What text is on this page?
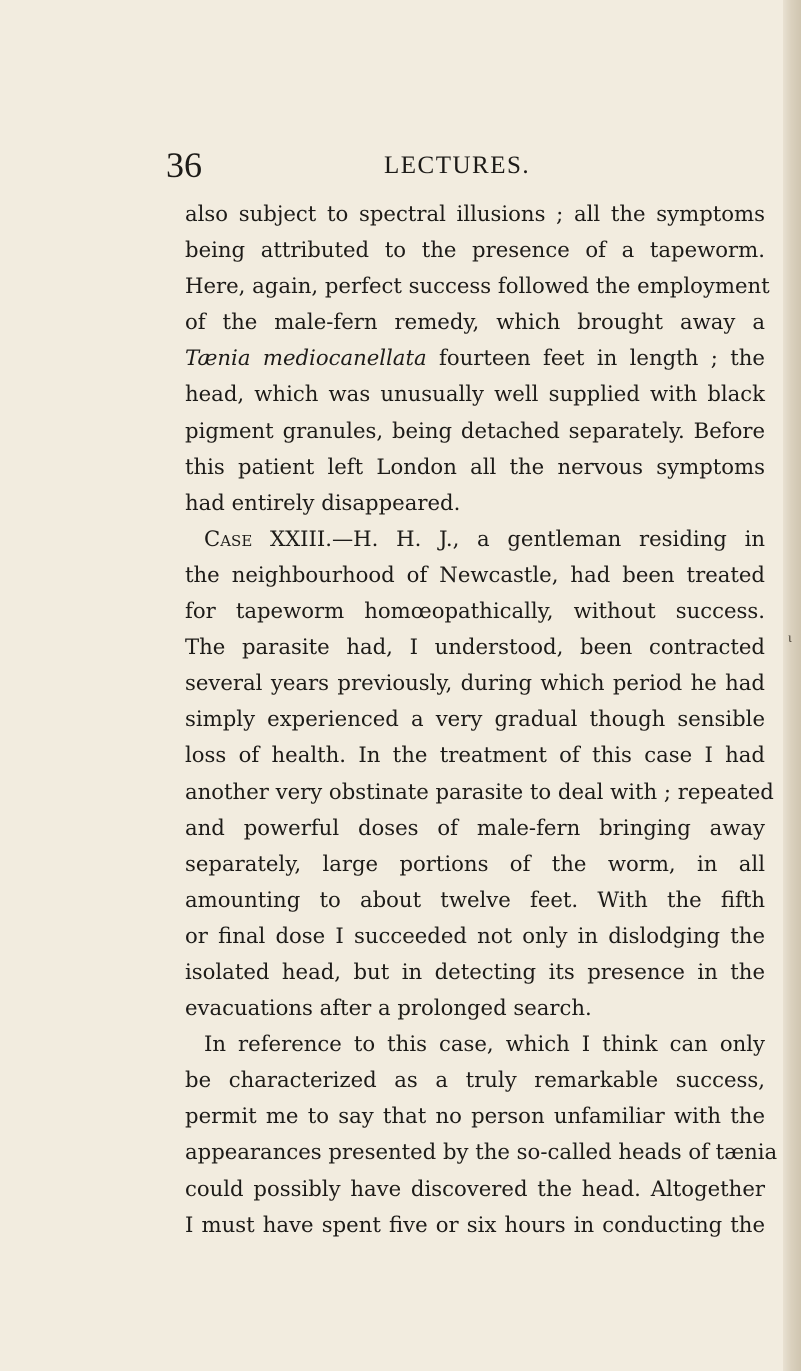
36	LECTURES.
also subject to spectral illusions ; all the symptoms
being attributed to the presence of a tapeworm.
Here, again, perfect success followed the employment
of the male-fern remedy, which brought away a
Tænia mediocanellata fourteen feet in length ; the
head, which was unusually well supplied with black
pigment granules, being detached separately. Before
this patient left London all the nervous symptoms
had entirely disappeared.
Case XXIII.—H. H. J., a gentleman residing in
the neighbourhood of Newcastle, had been treated
for tapeworm homœopathically, without success.
The parasite had, I understood, been contracted
several years previously, during which period he had
simply experienced a very gradual though sensible
loss of health. In the treatment of this case I had
another very obstinate parasite to deal with ; repeated
and powerful doses of male-fern bringing away
separately, large portions of the worm, in all
amounting to about twelve feet. With the fifth
or final dose I succeeded not only in dislodging the
isolated head, but in detecting its presence in the
evacuations after a prolonged search.
In reference to this case, which I think can only
be characterized as a truly remarkable success,
permit me to say that no person unfamiliar with the
appearances presented by the so-called heads of tænia
could possibly have discovered the head. Altogether
I must have spent five or six hours in conducting the
ι
